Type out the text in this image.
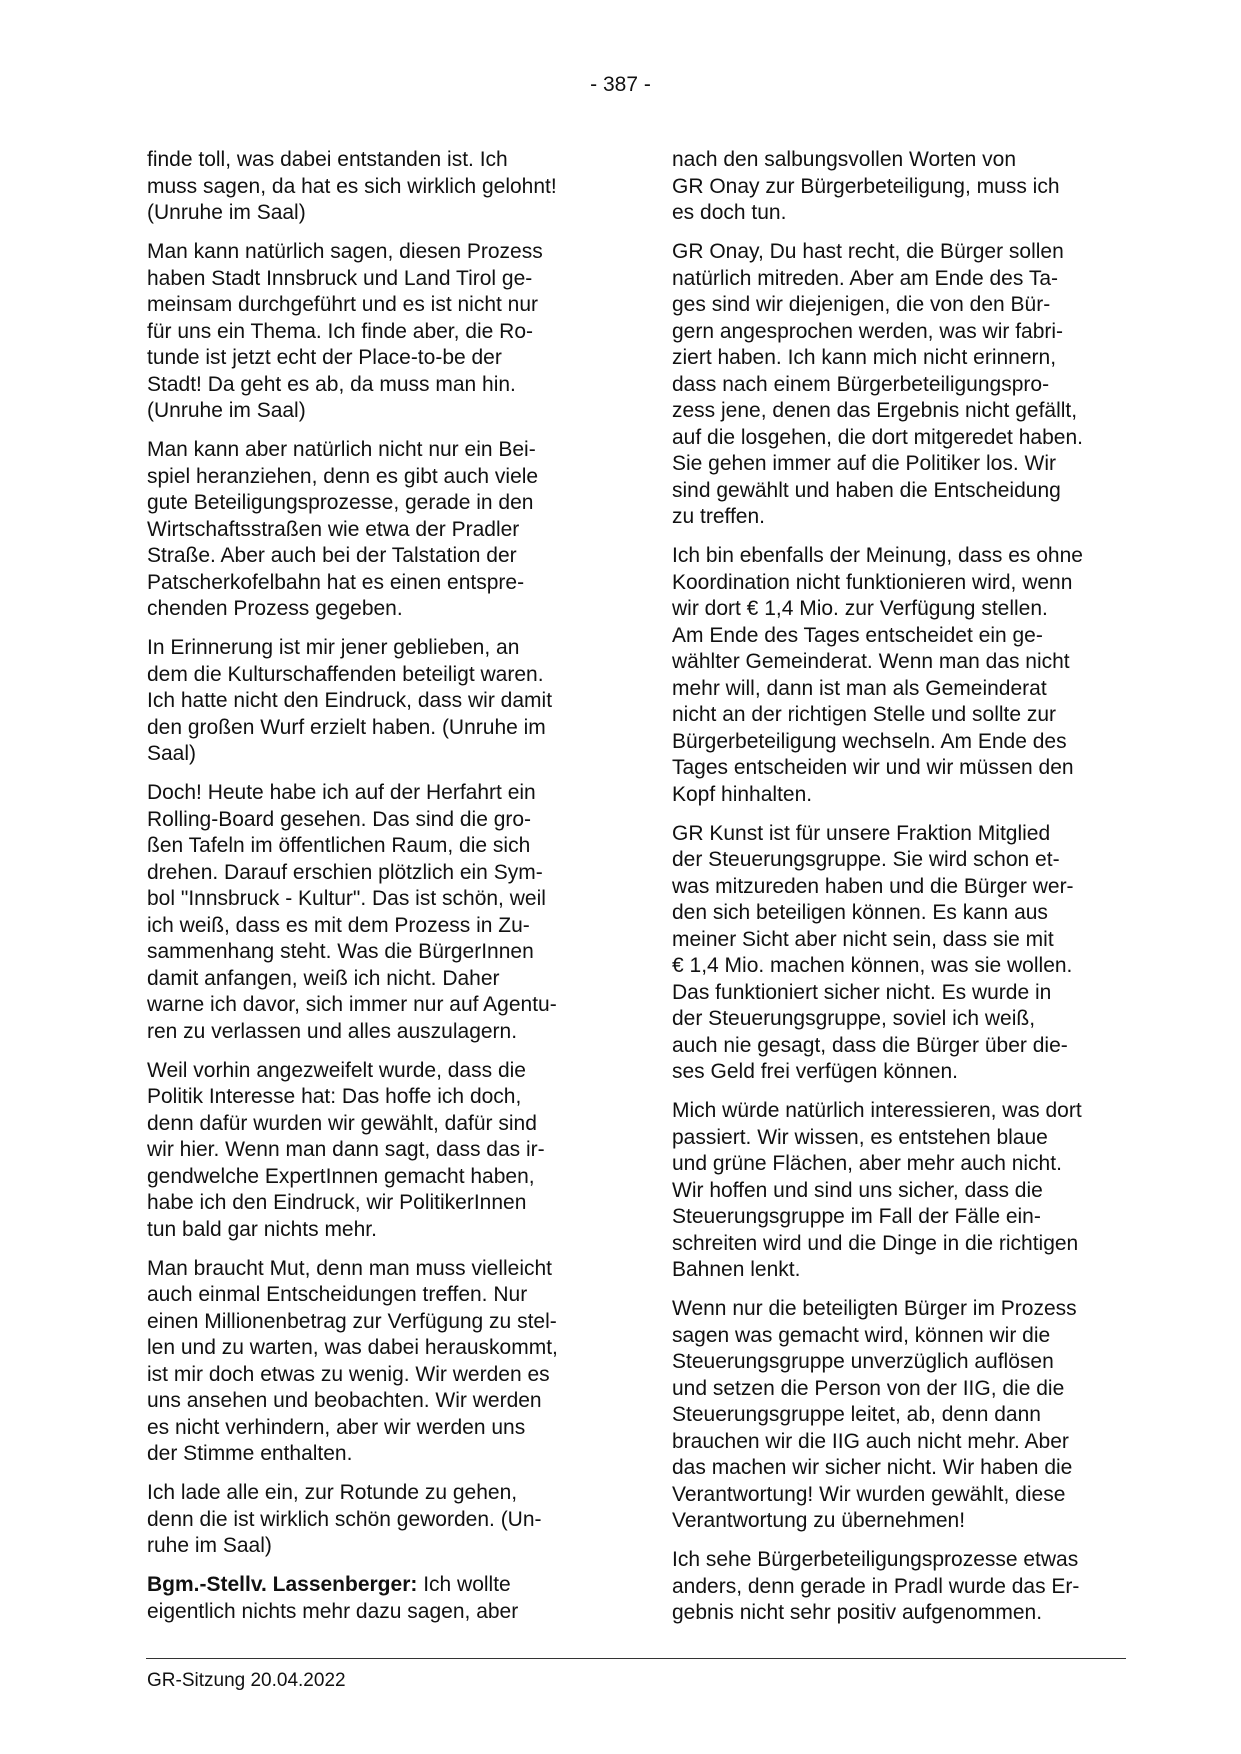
- 387 -
finde toll, was dabei entstanden ist. Ich
muss sagen, da hat es sich wirklich gelohnt!
(Unruhe im Saal)
Man kann natürlich sagen, diesen Prozess
haben Stadt Innsbruck und Land Tirol ge-
meinsam durchgeführt und es ist nicht nur
für uns ein Thema. Ich finde aber, die Ro-
tunde ist jetzt echt der Place-to-be der
Stadt! Da geht es ab, da muss man hin.
(Unruhe im Saal)
Man kann aber natürlich nicht nur ein Bei-
spiel heranziehen, denn es gibt auch viele
gute Beteiligungsprozesse, gerade in den
Wirtschaftsstraßen wie etwa der Pradler
Straße. Aber auch bei der Talstation der
Patscherkofelbahn hat es einen entspre-
chenden Prozess gegeben.
In Erinnerung ist mir jener geblieben, an
dem die Kulturschaffenden beteiligt waren.
Ich hatte nicht den Eindruck, dass wir damit
den großen Wurf erzielt haben. (Unruhe im
Saal)
Doch! Heute habe ich auf der Herfahrt ein
Rolling-Board gesehen. Das sind die gro-
ßen Tafeln im öffentlichen Raum, die sich
drehen. Darauf erschien plötzlich ein Sym-
bol "Innsbruck - Kultur". Das ist schön, weil
ich weiß, dass es mit dem Prozess in Zu-
sammenhang steht. Was die BürgerInnen
damit anfangen, weiß ich nicht. Daher
warne ich davor, sich immer nur auf Agentu-
ren zu verlassen und alles auszulagern.
Weil vorhin angezweifelt wurde, dass die
Politik Interesse hat: Das hoffe ich doch,
denn dafür wurden wir gewählt, dafür sind
wir hier. Wenn man dann sagt, dass das ir-
gendwelche ExpertInnen gemacht haben,
habe ich den Eindruck, wir PolitikerInnen
tun bald gar nichts mehr.
Man braucht Mut, denn man muss vielleicht
auch einmal Entscheidungen treffen. Nur
einen Millionenbetrag zur Verfügung zu stel-
len und zu warten, was dabei herauskommt,
ist mir doch etwas zu wenig. Wir werden es
uns ansehen und beobachten. Wir werden
es nicht verhindern, aber wir werden uns
der Stimme enthalten.
Ich lade alle ein, zur Rotunde zu gehen,
denn die ist wirklich schön geworden. (Un-
ruhe im Saal)
Bgm.-Stellv. Lassenberger: Ich wollte
eigentlich nichts mehr dazu sagen, aber
nach den salbungsvollen Worten von
GR Onay zur Bürgerbeteiligung, muss ich
es doch tun.
GR Onay, Du hast recht, die Bürger sollen
natürlich mitreden. Aber am Ende des Ta-
ges sind wir diejenigen, die von den Bür-
gern angesprochen werden, was wir fabri-
ziert haben. Ich kann mich nicht erinnern,
dass nach einem Bürgerbeteiligungspro-
zess jene, denen das Ergebnis nicht gefällt,
auf die losgehen, die dort mitgeredet haben.
Sie gehen immer auf die Politiker los. Wir
sind gewählt und haben die Entscheidung
zu treffen.
Ich bin ebenfalls der Meinung, dass es ohne
Koordination nicht funktionieren wird, wenn
wir dort € 1,4 Mio. zur Verfügung stellen.
Am Ende des Tages entscheidet ein ge-
wählter Gemeinderat. Wenn man das nicht
mehr will, dann ist man als Gemeinderat
nicht an der richtigen Stelle und sollte zur
Bürgerbeteiligung wechseln. Am Ende des
Tages entscheiden wir und wir müssen den
Kopf hinhalten.
GR Kunst ist für unsere Fraktion Mitglied
der Steuerungsgruppe. Sie wird schon et-
was mitzureden haben und die Bürger wer-
den sich beteiligen können. Es kann aus
meiner Sicht aber nicht sein, dass sie mit
€ 1,4 Mio. machen können, was sie wollen.
Das funktioniert sicher nicht. Es wurde in
der Steuerungsgruppe, soviel ich weiß,
auch nie gesagt, dass die Bürger über die-
ses Geld frei verfügen können.
Mich würde natürlich interessieren, was dort
passiert. Wir wissen, es entstehen blaue
und grüne Flächen, aber mehr auch nicht.
Wir hoffen und sind uns sicher, dass die
Steuerungsgruppe im Fall der Fälle ein-
schreiten wird und die Dinge in die richtigen
Bahnen lenkt.
Wenn nur die beteiligten Bürger im Prozess
sagen was gemacht wird, können wir die
Steuerungsgruppe unverzüglich auflösen
und setzen die Person von der IIG, die die
Steuerungsgruppe leitet, ab, denn dann
brauchen wir die IIG auch nicht mehr. Aber
das machen wir sicher nicht. Wir haben die
Verantwortung! Wir wurden gewählt, diese
Verantwortung zu übernehmen!
Ich sehe Bürgerbeteiligungsprozesse etwas
anders, denn gerade in Pradl wurde das Er-
gebnis nicht sehr positiv aufgenommen.
GR-Sitzung 20.04.2022
